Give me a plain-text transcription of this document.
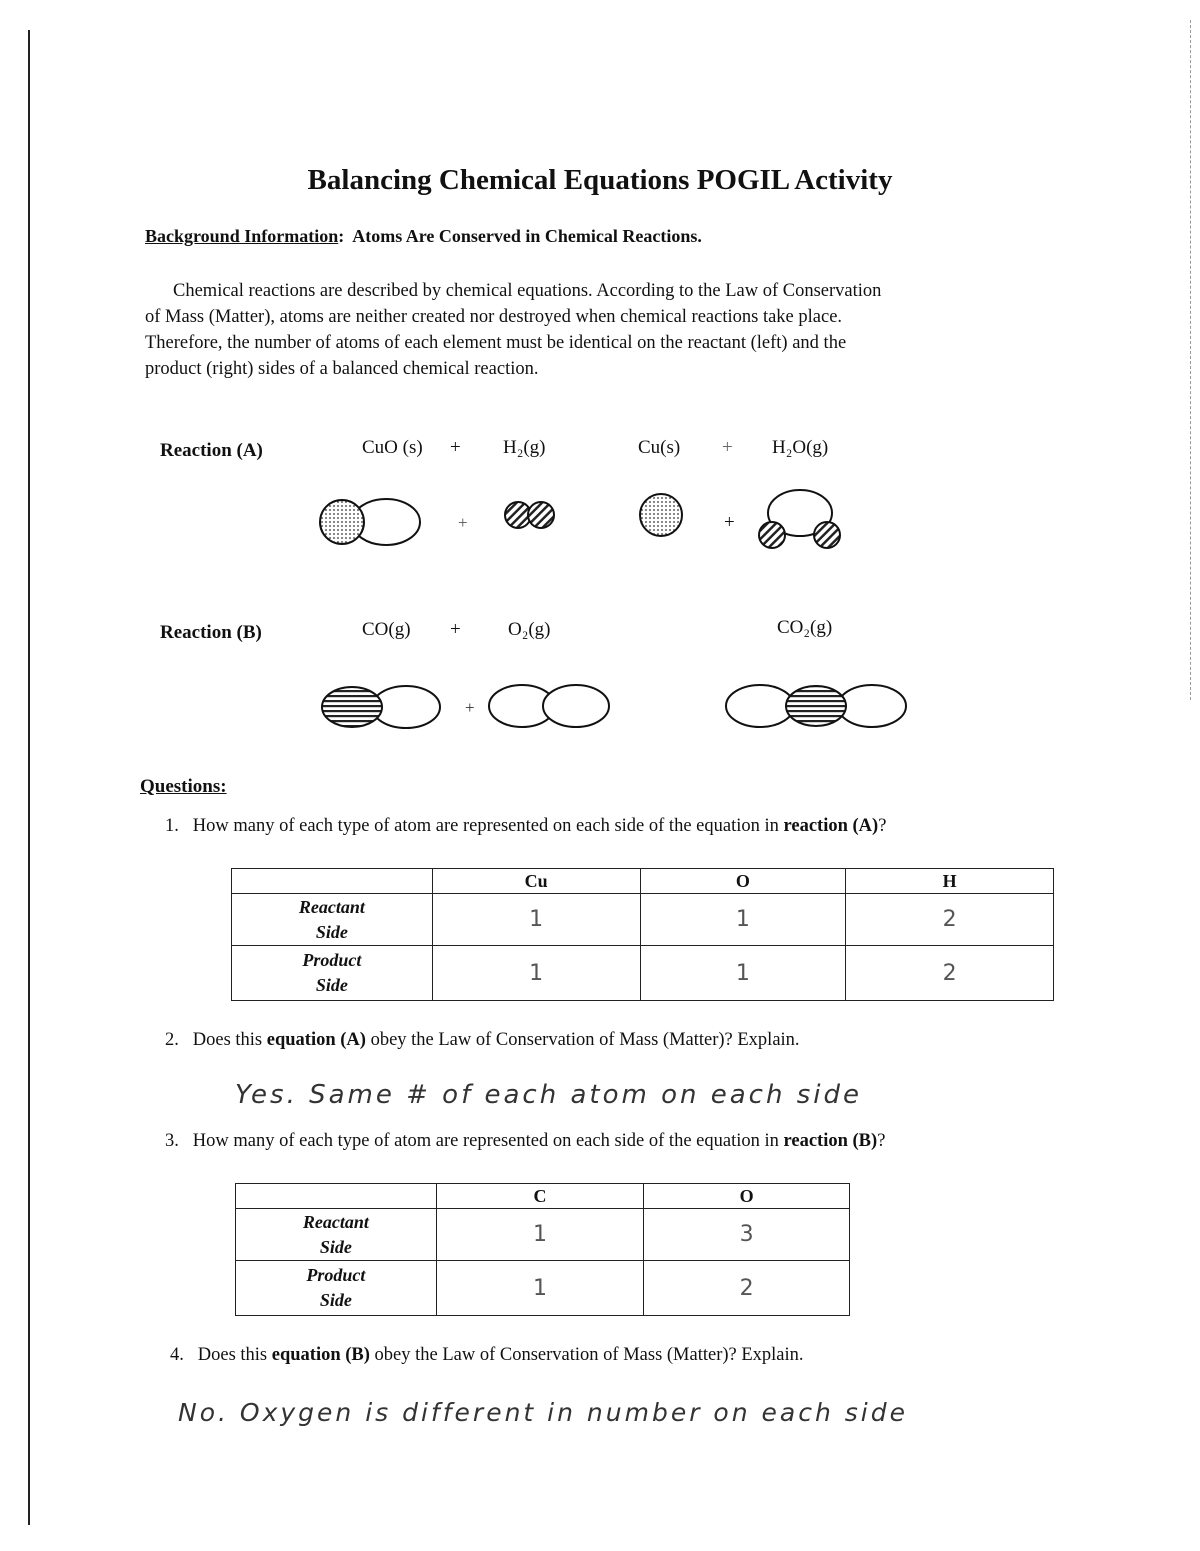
Balancing Chemical Equations POGIL Activity
Background Information:  Atoms Are Conserved in Chemical Reactions.

Chemical reactions are described by chemical equations. According to the Law of Conservation

of Mass (Matter), atoms are neither created nor destroyed when chemical reactions take place.

Therefore, the number of atoms of each element must be identical on the reactant (left) and the

product (right) sides of a balanced chemical reaction.

Reaction (A)	CuO (s) + H₂(g)	Cu(s) + H₂O(g)
+	+
Reaction (B)	CO(g) + O₂(g)	CO₂(g)
+
Questions:
1. How many of each type of atom are represented on each side of the equation in reaction (A)?
	Cu	O	H
Reactant
Side	1	1	2
Product
Side	1	1	2
2. Does this equation (A) obey the Law of Conservation of Mass (Matter)? Explain.
Yes. Same # of each atom on each side
3. How many of each type of atom are represented on each side of the equation in reaction (B)?
	C	O
Reactant
Side	1	3
Product
Side	1	2
4. Does this equation (B) obey the Law of Conservation of Mass (Matter)? Explain.
No. Oxygen is different in number on each side
